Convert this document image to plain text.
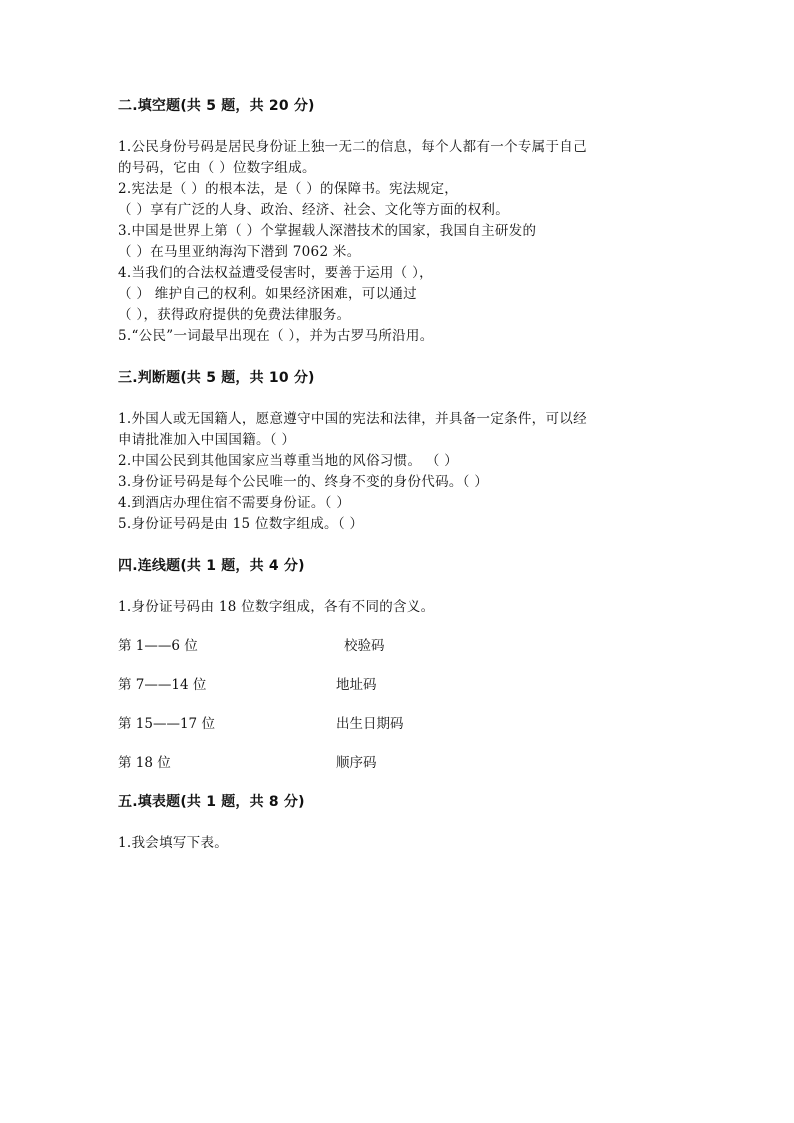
二.填空题(共 5 题，共 20 分)
1.公民身份号码是居民身份证上独一无二的信息，每个人都有一个专属于自己
的号码，它由（ ）位数字组成。
2.宪法是（ ）的根本法，是（ ）的保障书。宪法规定，
（ ）享有广泛的人身、政治、经济、社会、文化等方面的权利。
3.中国是世界上第（ ）个掌握载人深潜技术的国家，我国自主研发的
（ ）在马里亚纳海沟下潜到 7062 米。
4.当我们的合法权益遭受侵害时，要善于运用（ ），
（ ） 维护自己的权利。如果经济困难，可以通过
（ ），获得政府提供的免费法律服务。
5.“公民”一词最早出现在（ ），并为古罗马所沿用。
三.判断题(共 5 题，共 10 分)
1.外国人或无国籍人，愿意遵守中国的宪法和法律，并具备一定条件，可以经
申请批准加入中国国籍。（ ）
2.中国公民到其他国家应当尊重当地的风俗习惯。 （ ）
3.身份证号码是每个公民唯一的、终身不变的身份代码。（ ）
4.到酒店办理住宿不需要身份证。（ ）
5.身份证号码是由 15 位数字组成。（ ）
四.连线题(共 1 题，共 4 分)
1.身份证号码由 18 位数字组成，各有不同的含义。
第 1——6 位	校验码
第 7——14 位	地址码
第 15——17 位	出生日期码
第 18 位	顺序码
五.填表题(共 1 题，共 8 分)
1.我会填写下表。
